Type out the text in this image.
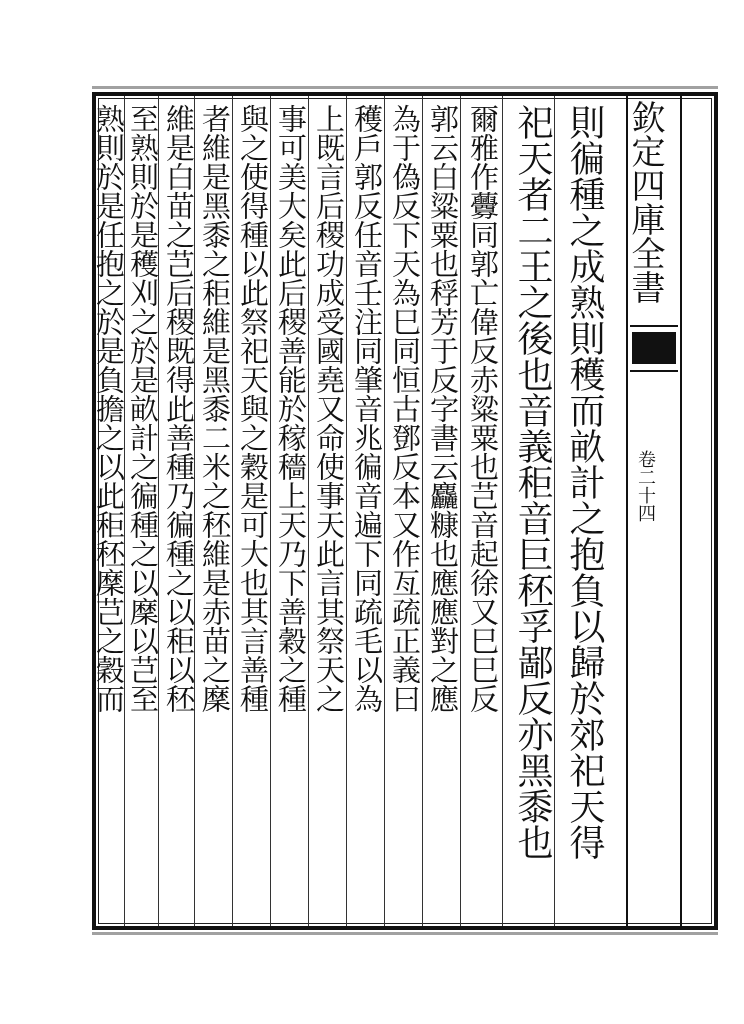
則徧種之成熟則穫而畝計之抱負以歸於郊祀天得
祀天者二王之後也音義秬音巨秠孚鄙反亦黑黍也
爾雅作虋同郭亡偉反赤粱粟也芑音起徐又巳巳反
郭云白粱粟也稃芳于反字書云麤糠也應應對之應
為于偽反下天為巳同恒古鄧反本又作亙疏正義曰
穫戶郭反任音壬注同肇音兆徧音遍下同疏毛以為
上既言后稷功成受國堯又命使事天此言其祭天之
事可美大矣此后稷善能於稼穡上天乃下善穀之種
與之使得種以此祭祀天與之穀是可大也其言善種
者維是黑黍之秬維是黑黍二米之秠維是赤苗之穈
維是白苗之芑后稷既得此善種乃徧種之以秬以秠
至熟則於是穫刈之於是畝計之徧種之以穈以芑至
熟則於是任抱之於是負擔之以此秬秠穈芑之穀而	欽定四庫全書
卷二十四
